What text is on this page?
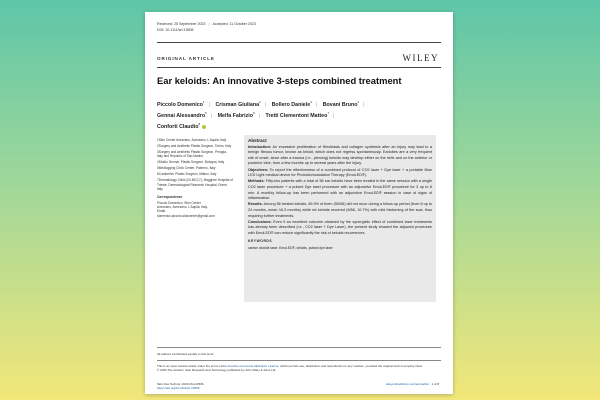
Received: 25 September 2023 | Accepted: 11 October 2023
DOI: 10.1111/srt.13506
ORIGINAL ARTICLE	WILEY
Ear keloids: An innovative 3-steps combined treatment
Piccolo Domenico$^1$ | Crisman Giuliana$^2$ | Bollero Daniele$^3$ | Bovani Bruno$^4$ |
Gennai Alessandro$^5$ | Melfa Fabrizio$^6$ | Tretti Clementoni Matteo$^7$ |
Conforti Claudio$^8$

1Skin Center Avezzano, Avezzano, L'Aquila, Italy

2Surgery and Aesthetic Plastic Surgeon, Torino, Italy

3Surgery and Aesthetic Plastic Surgeon, Perugia, Italy and Republic of San Marino

4Studio Gennai, Plastic Surgeon, Bologna, Italy

5Medlogging Clinic Center, Palermo, Italy

6Camberlet, Plastic Surgeon, Milano, Italy

7Dermatology Clinic (DI-MCC7), Maggiore Hospital of Trieste, Dermatological Research Hospital, Rome, Italy

Correspondence

Piccolo Domenico, Skin Center
Avezzano, Avezzano, L'Aquila, Italy.
Email:
domenico.piccolo.skincenter@gmail.com
Abstract

Introduction: An excessive proliferation of fibroblasts and collagen synthesis after an injury may lead to a benign fibrous tumor, known as keloid, which does not regress spontaneously. Earlobes are a very frequent site of onset, since after a trauma (i.e., piercing) keloids may develop either on the helix and on the anterior or posterior lobe, from a few months up to several years after the injury.

Objectives: To report the effectiveness of a combined protocol of CO2 laser + Dye laser + a portable Blue LED Light medical device for Photobiomodulation Therapy (EmoLED®).

Methods: Fifty-two patients with a total of 56 ear keloids have been treated in the same session with a single CO2 laser procedure + a pulsed Dye laser procedure with an adjunctive EmoLED® procedure for 3 up to 6 min. A monthly follow-up has been performed with an adjunctive EmoLED® session in case of signs of inflammation.

Results: Among 56 treated keloids, 89.3% of them (50/56) did not recur during a follow-up period (from 6 up to 24 months, mean 16.3 months) while six keloids recurred (6/56, 10.7%) with mild thickening of the scar, thus requiring further treatments.

Conclusions: Even if an excellent outcome obtained by the synergistic effect of combined laser treatments has already been described (i.e., CO2 laser + Dye Laser), the present study showed the adjuvant procedure with EmoLED® can reduce significantly the risk of keloids recurrences.

KEYWORDS

carbon dioxide laser, EmoLED®, keloids, pulsed dye laser

All authors contributed equally to this work.
This is an open access article under the terms of the Creative Commons Attribution License, which permits use, distribution and reproduction in any medium, provided the original work is properly cited.
© 2023 The Authors. Skin Research and Technology published by John Wiley & Sons Ltd.
Skin Res Technol. 2023;29:e13506.
https://doi.org/10.1111/srt.13506
wileyonlinelibrary.com/journal/srt 1 of 8
